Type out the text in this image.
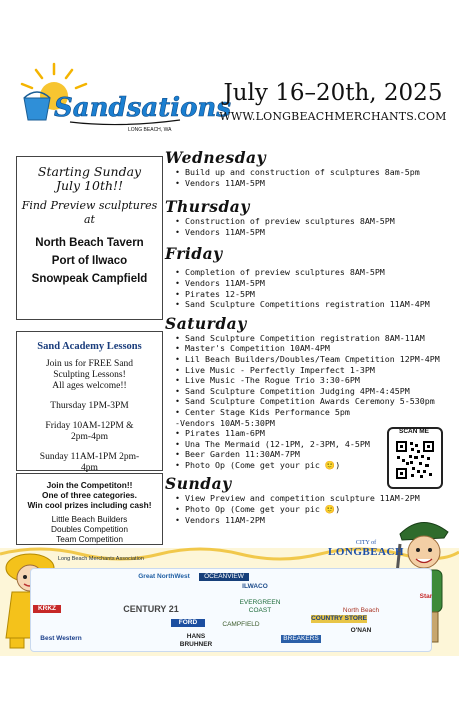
Sandsations
LONG BEACH, WA
July 16–20th, 2025
WWW.LONGBEACHMERCHANTS.COM
Starting Sunday
July 10th!!
Find Preview sculptures
at
North Beach Tavern
Port of Ilwaco
Snowpeak Campfield
Sand Academy Lessons
Join us for FREE Sand
Sculpting Lessons!
All ages welcome!!
Thursday 1PM-3PM
Friday 10AM-12PM &
2pm-4pm
Sunday 11AM-1PM 2pm-
4pm
Join the Competiton!!
One of three categories.
Win cool prizes including cash!
Little Beach Builders
Doubles Competition
Team Competition
Wednesday
• Build up and construction of sculptures 8am-5pm
• Vendors 11AM-5PM
Thursday
• Construction of preview sculptures 8AM-5PM
• Vendors 11AM-5PM
Friday
• Completion of preview sculptures 8AM-5PM
• Vendors 11AM-5PM
• Pirates 12-5PM
• Sand Sculpture Competitions registration 11AM-4PM
Saturday
• Sand Sculpture Competition registration 8AM-11AM
• Master's Competition 10AM-4PM
• Lil Beach Builders/Doubles/Team Cmpetition 12PM-4PM
• Live Music - Perfectly Imperfect 1-3PM
• Live Music -The Rogue Trio 3:30-6PM
• Sand Sculpture Competition Judging 4PM-4:45PM
• Sand Sculpture Competition Awards Ceremony 5-530pm
• Center Stage Kids Performance 5pm
-Vendors 10AM-5:30PM
• Pirates 11am-6PM
• Una The Mermaid (12-1PM, 2-3PM, 4-5PM
• Beer Garden 11:30AM-7PM
• Photo Op (Come get your pic 🙂)
Sunday
• View Preview and competition sculpture 11AM-2PM
• Photo Op (Come get your pic 🙂)
• Vendors 11AM-2PM
SCAN ME
CITY of
LONGBEACH
Long Beach Merchants Association
Great NorthWest	OCEANVIEW
ILWACO
EVERGREEN COAST
CENTURY 21
COUNTRY STORE
North Beach
KRKZ
FORD
HANS BRUHNER
CAMPFIELD
Best Western	BREAKERS
O'NAN
Star
